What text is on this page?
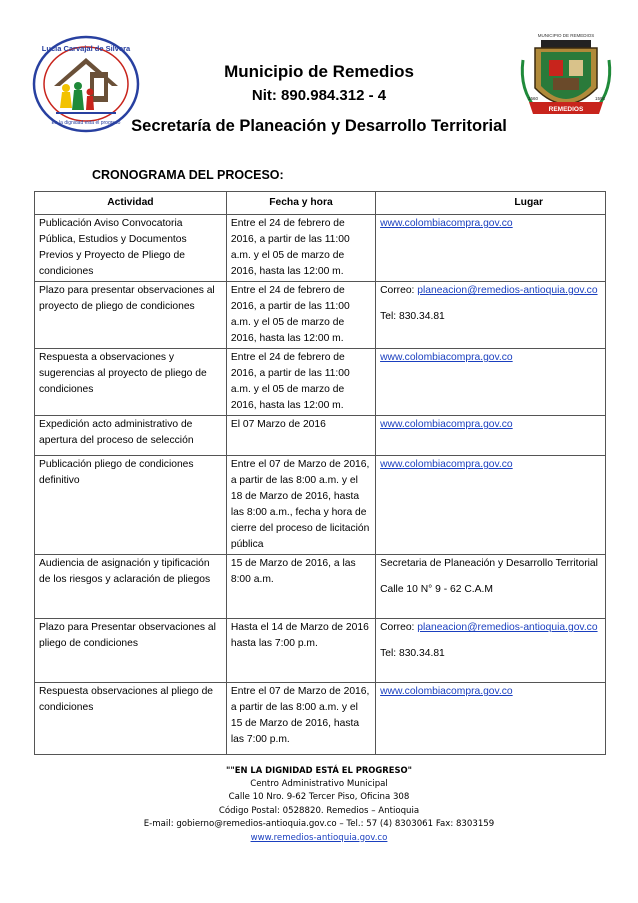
Lucía Carvajal de Silvera
En la dignidad está el progreso
MUNICIPIO DE REMEDIOS
REMEDIOS
1560	1594
Municipio de Remedios
Nit: 890.984.312 - 4
Secretaría de Planeación y Desarrollo Territorial
CRONOGRAMA DEL PROCESO:
Actividad	Fecha y hora	Lugar
Publicación Aviso Convocatoria Pública, Estudios y Documentos Previos y Proyecto de Pliego de condiciones	Entre el 24 de febrero de 2016, a partir de las 11:00 a.m. y el 05 de marzo de 2016, hasta las 12:00 m.	www.colombiacompra.gov.co
Plazo para presentar observaciones al proyecto de pliego de condiciones	Entre el 24 de febrero de 2016, a partir de las 11:00 a.m. y el 05 de marzo de 2016, hasta las 12:00 m.	Correo: planeacion@remedios-antioquia.gov.co
Tel: 830.34.81
Respuesta a observaciones y sugerencias al proyecto de pliego de condiciones	Entre el 24 de febrero de 2016, a partir de las 11:00 a.m. y el 05 de marzo de 2016, hasta las 12:00 m.	www.colombiacompra.gov.co
Expedición acto administrativo de apertura del proceso de selección	El 07 Marzo de 2016	www.colombiacompra.gov.co
Publicación pliego de condiciones definitivo	Entre el 07 de Marzo de 2016, a partir de las 8:00 a.m. y el 18 de Marzo de 2016, hasta las 8:00 a.m., fecha y hora de cierre del proceso de licitación pública	www.colombiacompra.gov.co
Audiencia de asignación y tipificación de los riesgos y aclaración de pliegos	15 de Marzo de 2016, a las 8:00 a.m.	Secretaria de Planeación y Desarrollo Territorial
Calle 10 N° 9 - 62 C.A.M
Plazo para Presentar observaciones al pliego de condiciones	Hasta el 14 de Marzo de 2016 hasta las 7:00 p.m.	Correo: planeacion@remedios-antioquia.gov.co
Tel: 830.34.81
Respuesta observaciones al pliego de condiciones	Entre el 07 de Marzo de 2016, a partir de las 8:00 a.m. y el 15 de Marzo de 2016, hasta las 7:00 p.m.	www.colombiacompra.gov.co
""EN LA DIGNIDAD ESTÁ EL PROGRESO"
Centro Administrativo Municipal
Calle 10 Nro. 9-62 Tercer Piso, Oficina 308
Código Postal: 0528820. Remedios – Antioquia
E-mail: gobierno@remedios-antioquia.gov.co – Tel.: 57 (4) 8303061 Fax: 8303159
www.remedios-antioquia.gov.co
